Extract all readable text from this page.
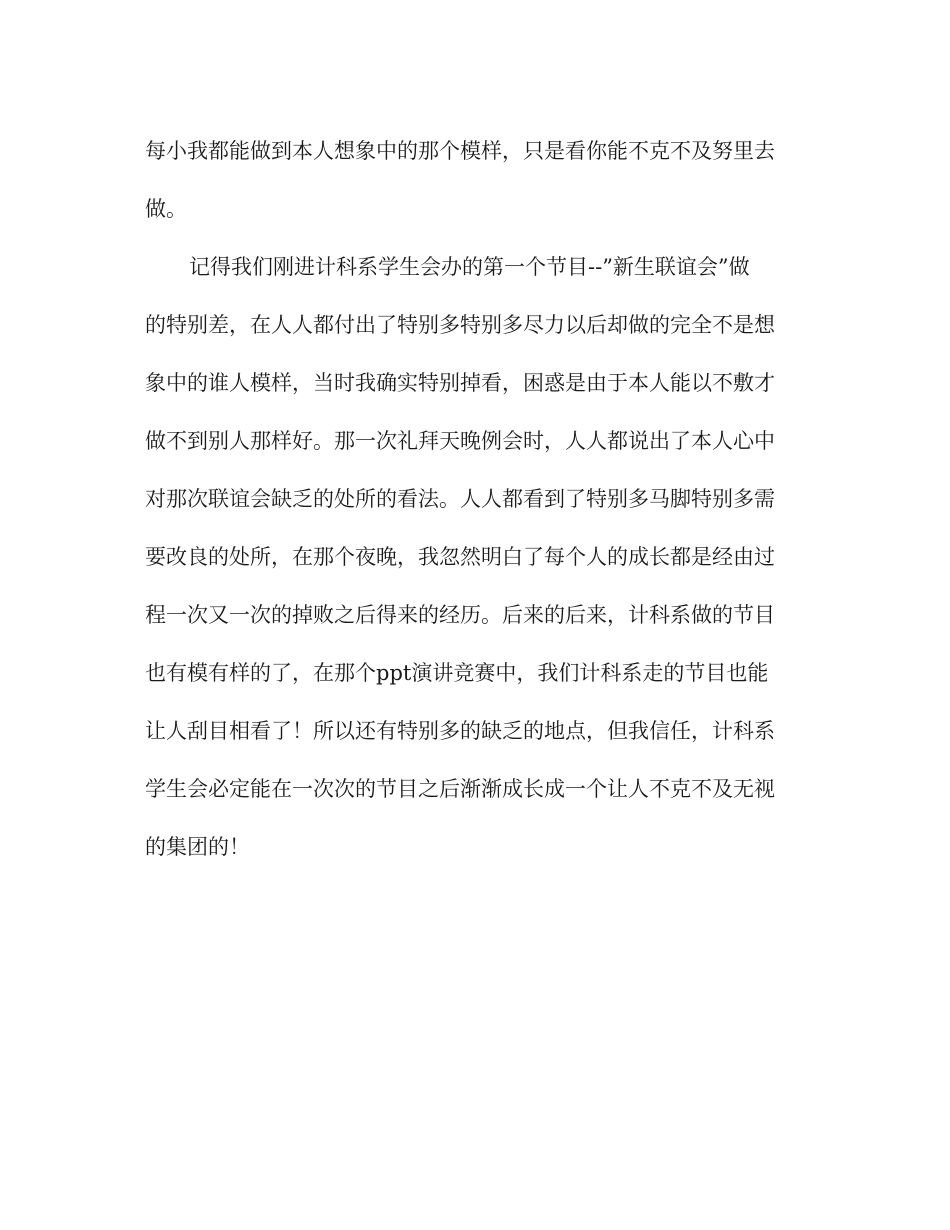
每小我都能做到本人想象中的那个模样，只是看你能不克不及努里去
做。
记得我们刚进计科系学生会办的第一个节目--”新生联谊会”做
的特别差，在人人都付出了特别多特别多尽力以后却做的完全不是想
象中的谁人模样，当时我确实特别掉看，困惑是由于本人能以不敷才
做不到别人那样好。那一次礼拜天晚例会时，人人都说出了本人心中
对那次联谊会缺乏的处所的看法。人人都看到了特别多马脚特别多需
要改良的处所，在那个夜晚，我忽然明白了每个人的成长都是经由过
程一次又一次的掉败之后得来的经历。后来的后来，计科系做的节目
也有模有样的了，在那个ppt演讲竞赛中，我们计科系走的节目也能
让人刮目相看了！所以还有特别多的缺乏的地点，但我信任，计科系
学生会必定能在一次次的节目之后渐渐成长成一个让人不克不及无视
的集团的！
